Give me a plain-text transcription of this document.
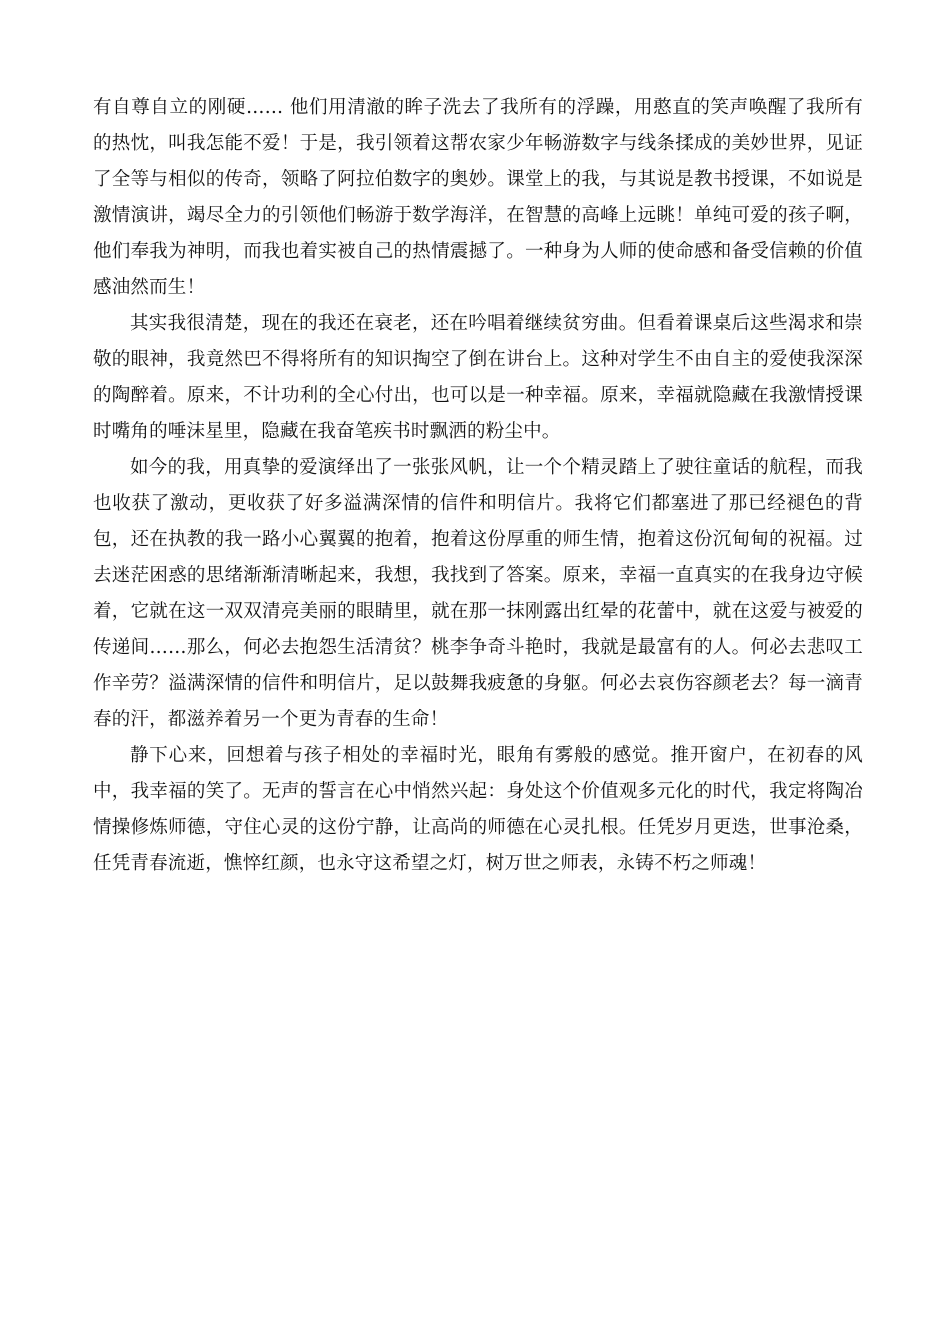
有自尊自立的刚硬…… 他们用清澈的眸子洗去了我所有的浮躁，用憨直的笑声唤醒了我所有的热忱，叫我怎能不爱！于是，我引领着这帮农家少年畅游数字与线条揉成的美妙世界，见证了全等与相似的传奇，领略了阿拉伯数字的奥妙。课堂上的我，与其说是教书授课，不如说是激情演讲，竭尽全力的引领他们畅游于数学海洋，在智慧的高峰上远眺！单纯可爱的孩子啊，他们奉我为神明，而我也着实被自己的热情震撼了。一种身为人师的使命感和备受信赖的价值感油然而生！

其实我很清楚，现在的我还在衰老，还在吟唱着继续贫穷曲。但看着课桌后这些渴求和崇敬的眼神，我竟然巴不得将所有的知识掏空了倒在讲台上。这种对学生不由自主的爱使我深深的陶醉着。原来，不计功利的全心付出，也可以是一种幸福。原来，幸福就隐藏在我激情授课时嘴角的唾沫星里，隐藏在我奋笔疾书时飘洒的粉尘中。

如今的我，用真挚的爱演绎出了一张张风帆，让一个个精灵踏上了驶往童话的航程，而我也收获了激动，更收获了好多溢满深情的信件和明信片。我将它们都塞进了那已经褪色的背包，还在执教的我一路小心翼翼的抱着，抱着这份厚重的师生情，抱着这份沉甸甸的祝福。过去迷茫困惑的思绪渐渐清晰起来，我想，我找到了答案。原来，幸福一直真实的在我身边守候着，它就在这一双双清亮美丽的眼睛里，就在那一抹刚露出红晕的花蕾中，就在这爱与被爱的传递间……那么，何必去抱怨生活清贫？桃李争奇斗艳时，我就是最富有的人。何必去悲叹工作辛劳？溢满深情的信件和明信片，足以鼓舞我疲惫的身躯。何必去哀伤容颜老去？每一滴青春的汗，都滋养着另一个更为青春的生命！

静下心来，回想着与孩子相处的幸福时光，眼角有雾般的感觉。推开窗户，在初春的风中，我幸福的笑了。无声的誓言在心中悄然兴起：身处这个价值观多元化的时代，我定将陶冶情操修炼师德，守住心灵的这份宁静，让高尚的师德在心灵扎根。任凭岁月更迭，世事沧桑，任凭青春流逝，憔悴红颜，也永守这希望之灯，树万世之师表，永铸不朽之师魂！
